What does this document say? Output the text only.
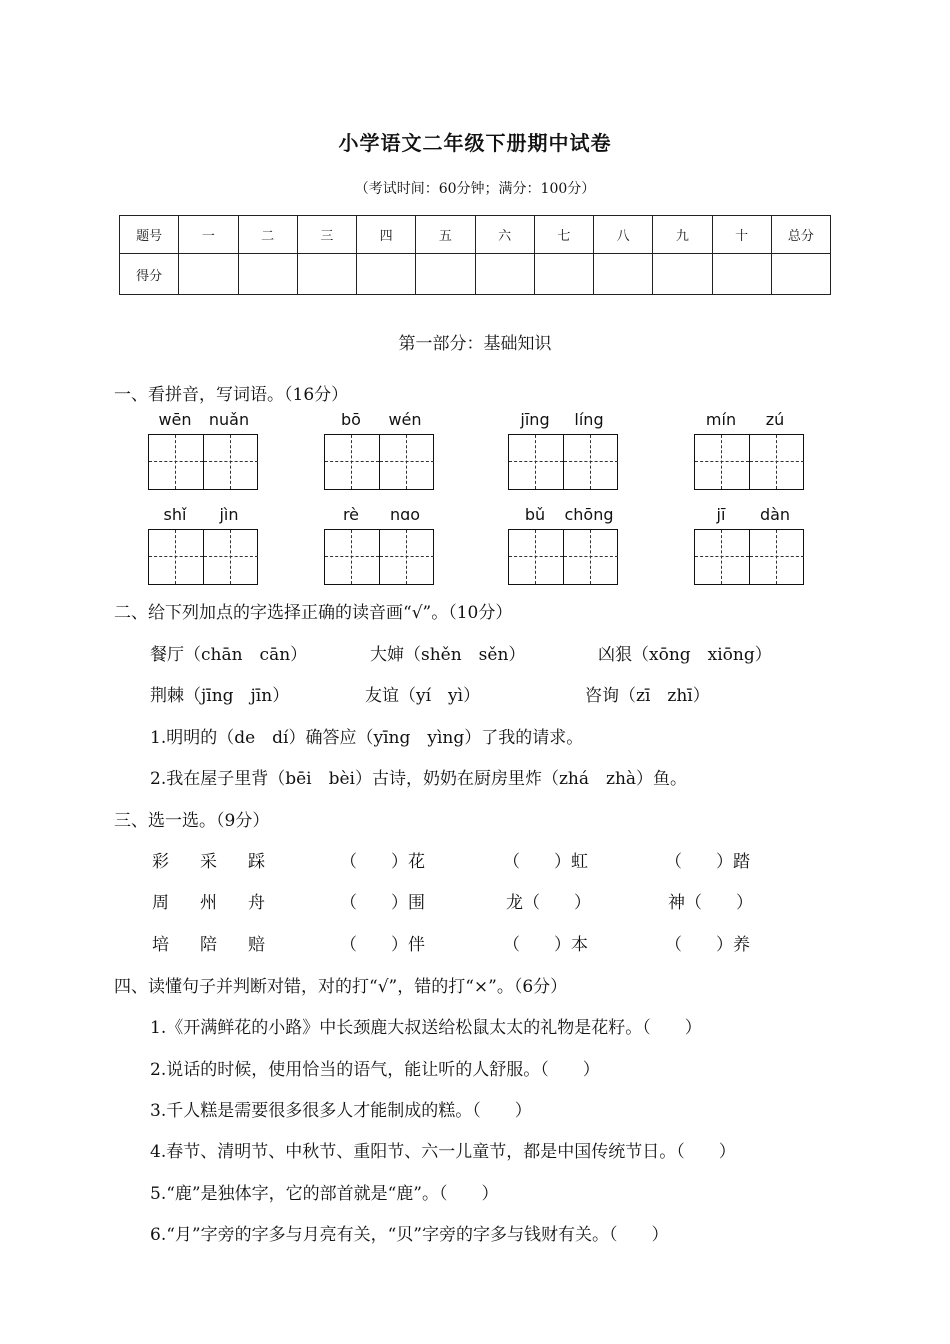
小学语文二年级下册期中试卷
（考试时间：60分钟；满分：100分）
题号	一	二	三	四	五	六	七	八	九	十	总分
得分											
第一部分：基础知识
一、看拼音，写词语。（16分）
wēn	nuǎn	bō	wén	jīng	líng	mín	zú
shǐ	jìn	rè	nɑo	bǔ	chōng	jī	dàn
二、给下列加点的字选择正确的读音画“√”。（10分）
餐厅（chān　cān）	大婶（shěn　sěn）	凶狠（xōng　xiōng）
荆棘（jīng　jīn）	友谊（yí　yì）	咨询（zī　zhī）
1.明明的（de　dí）确答应（yīng　yìng）了我的请求。
2.我在屋子里背（bēi　bèi）古诗，奶奶在厨房里炸（zhá　zhà）鱼。
三、选一选。（9分）
彩 采 踩	（　　）花	（　　）虹	（　　）踏
周 州 舟	（　　）围	龙（　　）	神（　　）
培 陪 赔	（　　）伴	（　　）本	（　　）养
四、读懂句子并判断对错，对的打“√”，错的打“×”。（6分）
1.《开满鲜花的小路》中长颈鹿大叔送给松鼠太太的礼物是花籽。（　　）
2.说话的时候，使用恰当的语气，能让听的人舒服。（　　）
3.千人糕是需要很多很多人才能制成的糕。（　　）
4.春节、清明节、中秋节、重阳节、六一儿童节，都是中国传统节日。（　　）
5.“鹿”是独体字，它的部首就是“鹿”。（　　）
6.“月”字旁的字多与月亮有关，“贝”字旁的字多与钱财有关。（　　）
